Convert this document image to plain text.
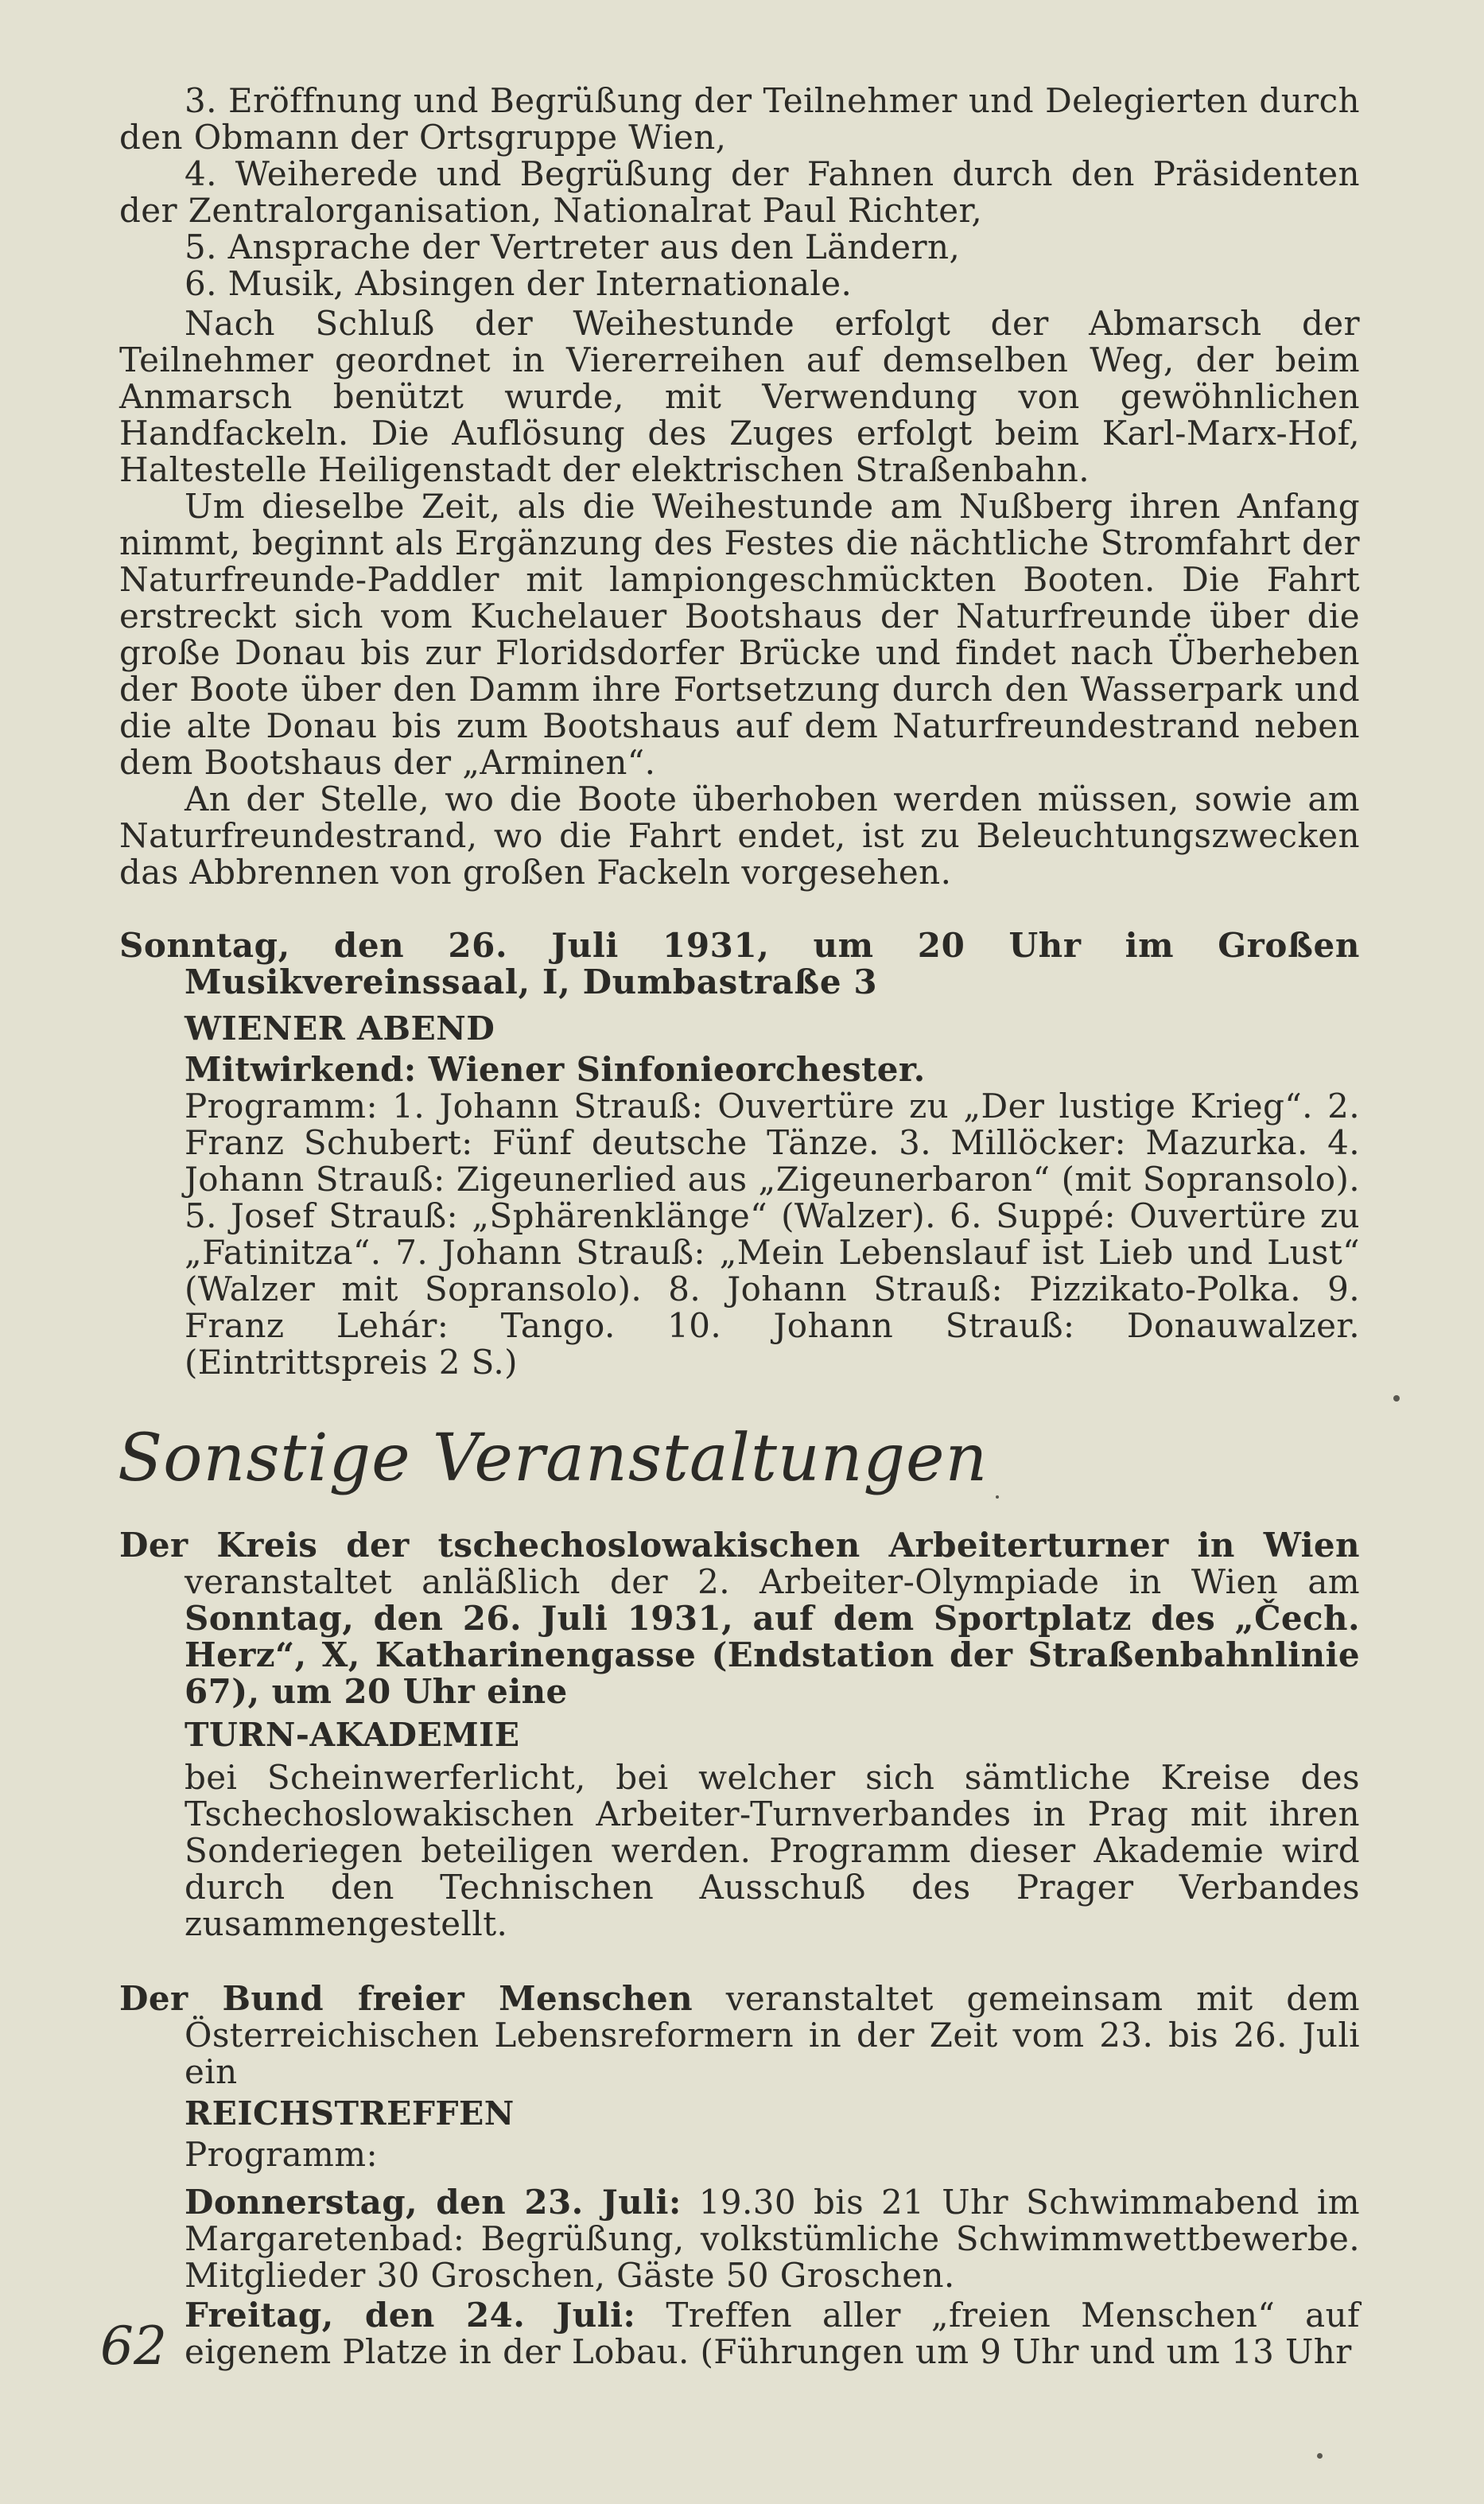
3. Eröffnung und Begrüßung der Teilnehmer und Delegierten durch den Obmann der Ortsgruppe Wien,

4. Weiherede und Begrüßung der Fahnen durch den Präsidenten der Zentralorganisation, Nationalrat Paul Richter,

5. Ansprache der Vertreter aus den Ländern,

6. Musik, Absingen der Internationale.

Nach Schluß der Weihestunde erfolgt der Abmarsch der Teilnehmer geordnet in Viererreihen auf demselben Weg, der beim Anmarsch benützt wurde, mit Verwendung von gewöhnlichen Handfackeln. Die Auflösung des Zuges erfolgt beim Karl-Marx-Hof, Haltestelle Heiligenstadt der elektrischen Straßenbahn.

Um dieselbe Zeit, als die Weihestunde am Nußberg ihren Anfang nimmt, beginnt als Ergänzung des Festes die nächtliche Stromfahrt der Naturfreunde-Paddler mit lampiongeschmückten Booten. Die Fahrt erstreckt sich vom Kuchelauer Bootshaus der Naturfreunde über die große Donau bis zur Floridsdorfer Brücke und findet nach Überheben der Boote über den Damm ihre Fortsetzung durch den Wasserpark und die alte Donau bis zum Bootshaus auf dem Naturfreundestrand neben dem Bootshaus der „Arminen“.

An der Stelle, wo die Boote überhoben werden müssen, sowie am Naturfreundestrand, wo die Fahrt endet, ist zu Beleuchtungszwecken das Abbrennen von großen Fackeln vorgesehen.

Sonntag, den 26. Juli 1931, um 20 Uhr im Großen Musikvereinssaal, I, Dumbastraße 3

WIENER ABEND

Mitwirkend: Wiener Sinfonieorchester.

Programm: 1. Johann Strauß: Ouvertüre zu „Der lustige Krieg“. 2. Franz Schubert: Fünf deutsche Tänze. 3. Millöcker: Mazurka. 4. Johann Strauß: Zigeunerlied aus „Zigeunerbaron“ (mit Sopransolo). 5. Josef Strauß: „Sphärenklänge“ (Walzer). 6. Suppé: Ouvertüre zu „Fatinitza“. 7. Johann Strauß: „Mein Lebenslauf ist Lieb und Lust“ (Walzer mit Sopransolo). 8. Johann Strauß: Pizzikato-Polka. 9. Franz Lehár: Tango. 10. Johann Strauß: Donauwalzer. (Eintrittspreis 2 S.)

Sonstige Veranstaltungen

Der Kreis der tschechoslowakischen Arbeiterturner in Wien veranstaltet anläßlich der 2. Arbeiter-Olympiade in Wien am Sonntag, den 26. Juli 1931, auf dem Sportplatz des „Čech. Herz“, X, Katharinengasse (Endstation der Straßenbahnlinie 67), um 20 Uhr eine

TURN-AKADEMIE

bei Scheinwerferlicht, bei welcher sich sämtliche Kreise des Tschechoslowakischen Arbeiter-Turnverbandes in Prag mit ihren Sonderiegen beteiligen werden. Programm dieser Akademie wird durch den Technischen Ausschuß des Prager Verbandes zusammengestellt.

Der Bund freier Menschen veranstaltet gemeinsam mit dem Österreichischen Lebensreformern in der Zeit vom 23. bis 26. Juli ein

REICHSTREFFEN

Programm:

Donnerstag, den 23. Juli: 19.30 bis 21 Uhr Schwimmabend im Margaretenbad: Begrüßung, volkstümliche Schwimmwettbewerbe. Mitglieder 30 Groschen, Gäste 50 Groschen.

Freitag, den 24. Juli: Treffen aller „freien Menschen“ auf eigenem Platze in der Lobau. (Führungen um 9 Uhr und um 13 Uhr

62
